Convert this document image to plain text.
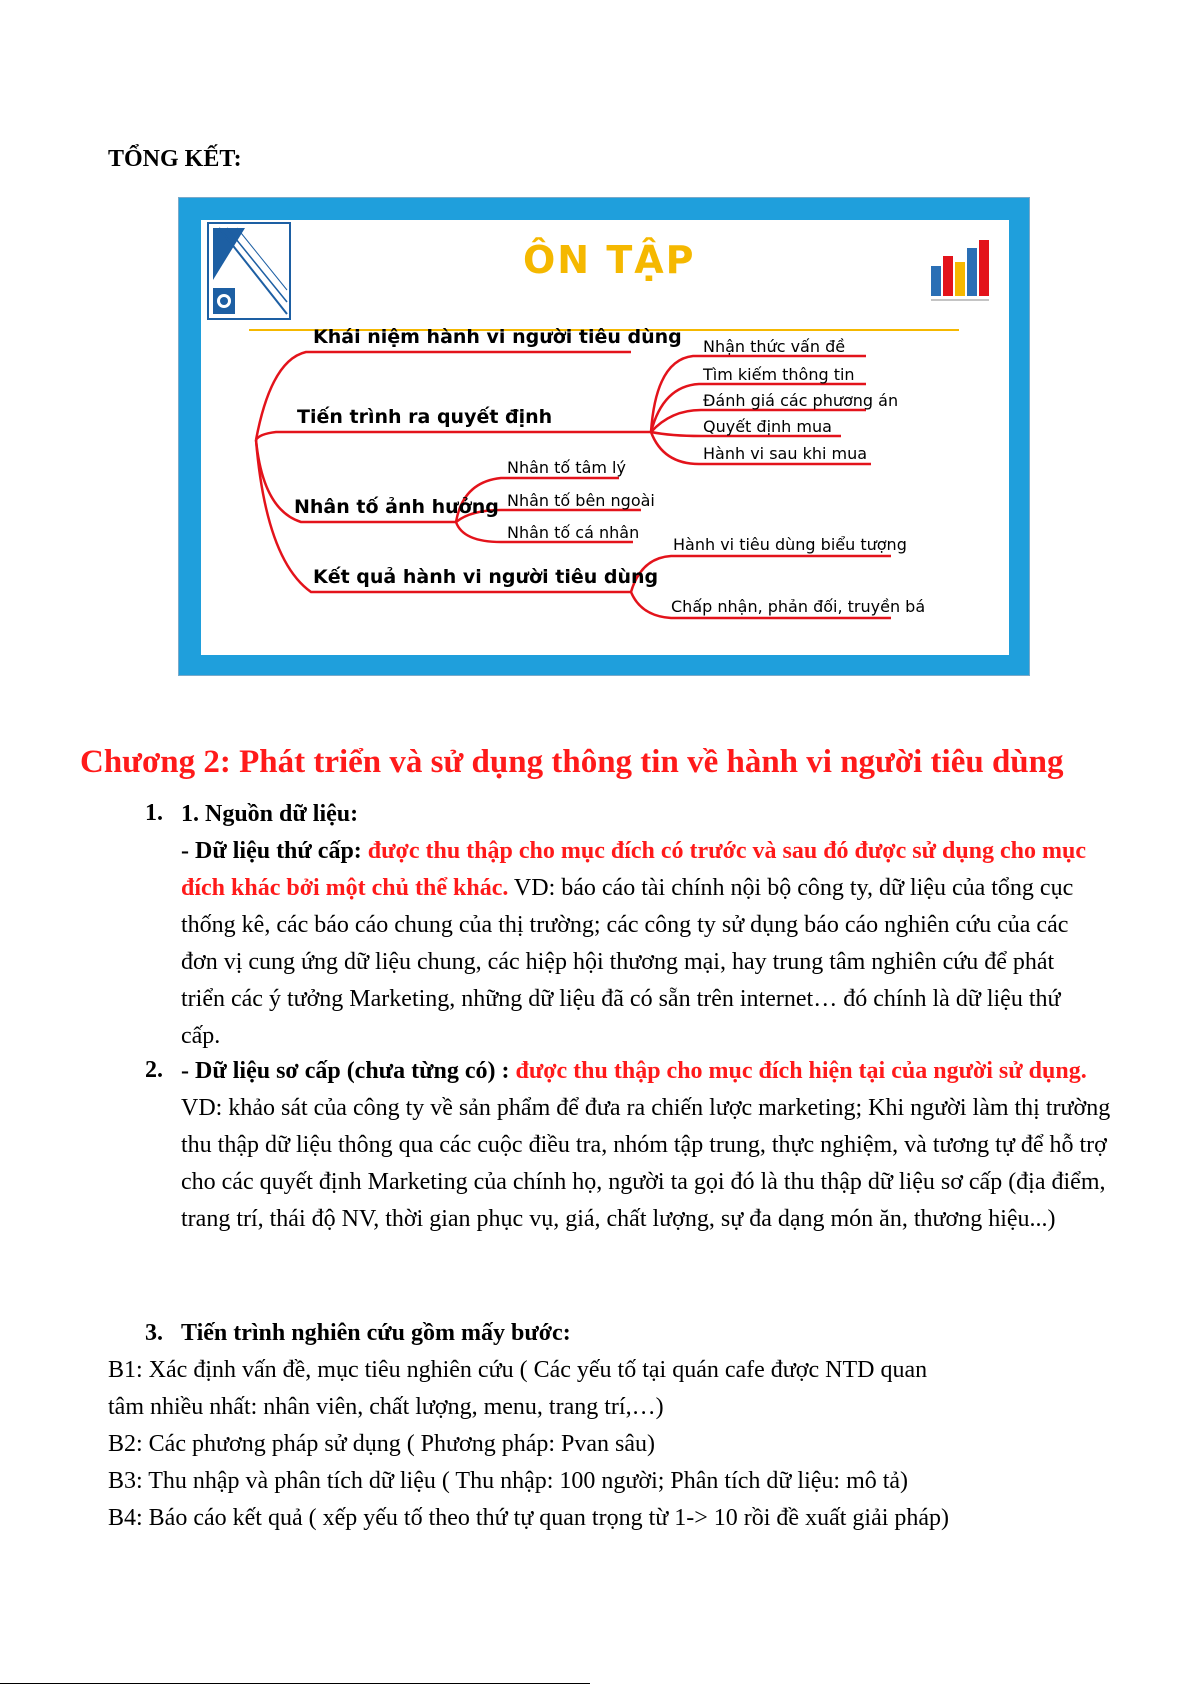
TỔNG KẾT:
ÔN TẬP
Khái niệm hành vi người tiêu dùng
Tiến trình ra quyết định
Nhân tố ảnh hưởng
Kết quả hành vi người tiêu dùng
Nhận thức vấn đề
Tìm kiếm thông tin
Đánh giá các phương án
Quyết định mua
Hành vi sau khi mua
Nhân tố tâm lý
Nhân tố bên ngoài
Nhân tố cá nhân
Hành vi tiêu dùng biểu tượng
Chấp nhận, phản đối, truyền bá
Chương 2: Phát triển và sử dụng thông tin về hành vi người tiêu dùng
1. 1. Nguồn dữ liệu:
- Dữ liệu thứ cấp: được thu thập cho mục đích có trước và sau đó được sử dụng cho mục đích khác bởi một chủ thể khác. VD: báo cáo tài chính nội bộ công ty, dữ liệu của tổng cục thống kê, các báo cáo chung của thị trường; các công ty sử dụng báo cáo nghiên cứu của các đơn vị cung ứng dữ liệu chung, các hiệp hội thương mại, hay trung tâm nghiên cứu để phát triển các ý tưởng Marketing, những dữ liệu đã có sẵn trên internet… đó chính là dữ liệu thứ cấp.
2. - Dữ liệu sơ cấp (chưa từng có) : được thu thập cho mục đích hiện tại của người sử dụng. VD: khảo sát của công ty về sản phẩm để đưa ra chiến lược marketing; Khi người làm thị trường thu thập dữ liệu thông qua các cuộc điều tra, nhóm tập trung, thực nghiệm, và tương tự để hỗ trợ cho các quyết định Marketing của chính họ, người ta gọi đó là thu thập dữ liệu sơ cấp (địa điểm, trang trí, thái độ NV, thời gian phục vụ, giá, chất lượng, sự đa dạng món ăn, thương hiệu...)
3. Tiến trình nghiên cứu gồm mấy bước:
B1: Xác định vấn đề, mục tiêu nghiên cứu ( Các yếu tố tại quán cafe được NTD quan
tâm nhiều nhất: nhân viên, chất lượng, menu, trang trí,…)
B2: Các phương pháp sử dụng ( Phương pháp: Pvan sâu)
B3: Thu nhập và phân tích dữ liệu ( Thu nhập: 100 người; Phân tích dữ liệu: mô tả)
B4: Báo cáo kết quả ( xếp yếu tố theo thứ tự quan trọng từ 1-> 10 rồi đề xuất giải pháp)
